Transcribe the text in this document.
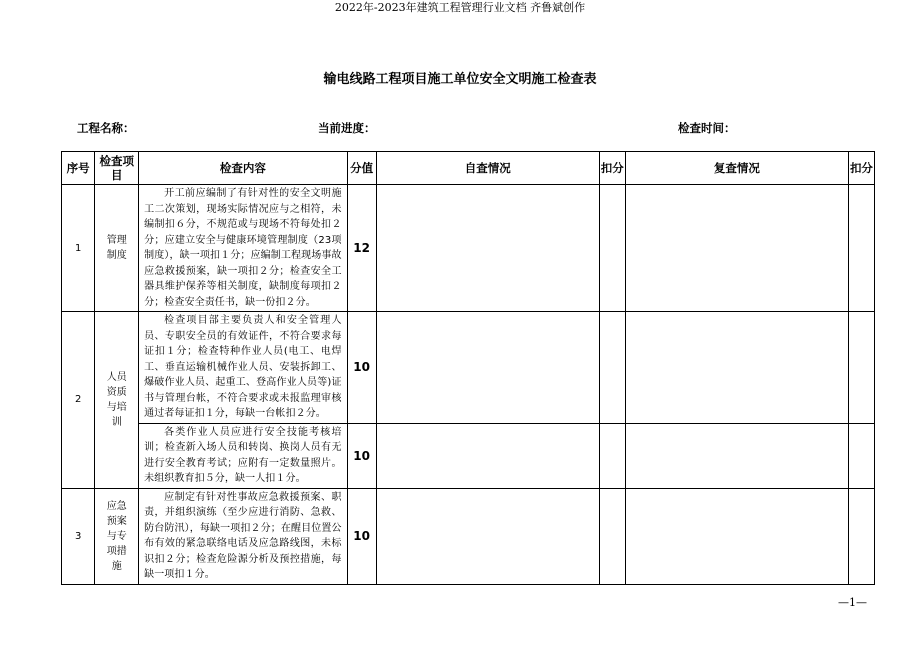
2022年-2023年建筑工程管理行业文档 齐鲁斌创作
输电线路工程项目施工单位安全文明施工检查表
工程名称：	当前进度：	检查时间：
序号	检查项目	检查内容	分值	自查情况	扣分	复查情况	扣分
1	管理制度	开工前应编制了有针对性的安全文明施工二次策划，现场实际情况应与之相符，未编制扣６分，不规范或与现场不符每处扣２分；应建立安全与健康环境管理制度（23项制度），缺一项扣１分；应编制工程现场事故应急救援预案，缺一项扣２分；检查安全工器具维护保养等相关制度，缺制度每项扣２分；检查安全责任书，缺一份扣２分。	12				
2	人员资质与培训	检查项目部主要负责人和安全管理人员、专职安全员的有效证件，不符合要求每证扣１分；检查特种作业人员(电工、电焊工、垂直运输机械作业人员、安装拆卸工、爆破作业人员、起重工、登高作业人员等)证书与管理台帐，不符合要求或未报监理审核通过者每证扣１分，每缺一台帐扣２分。	10				
		各类作业人员应进行安全技能考核培训；检查新入场人员和转岗、换岗人员有无进行安全教育考试；应附有一定数量照片。未组织教育扣５分，缺一人扣１分。	10				
3	应急预案与专项措施	应制定有针对性事故应急救援预案、职责，并组织演练（至少应进行消防、急救、防台防汛），每缺一项扣２分；在醒目位置公布有效的紧急联络电话及应急路线图，未标识扣２分；检查危险源分析及预控措施，每缺一项扣１分。	10				
—1—
